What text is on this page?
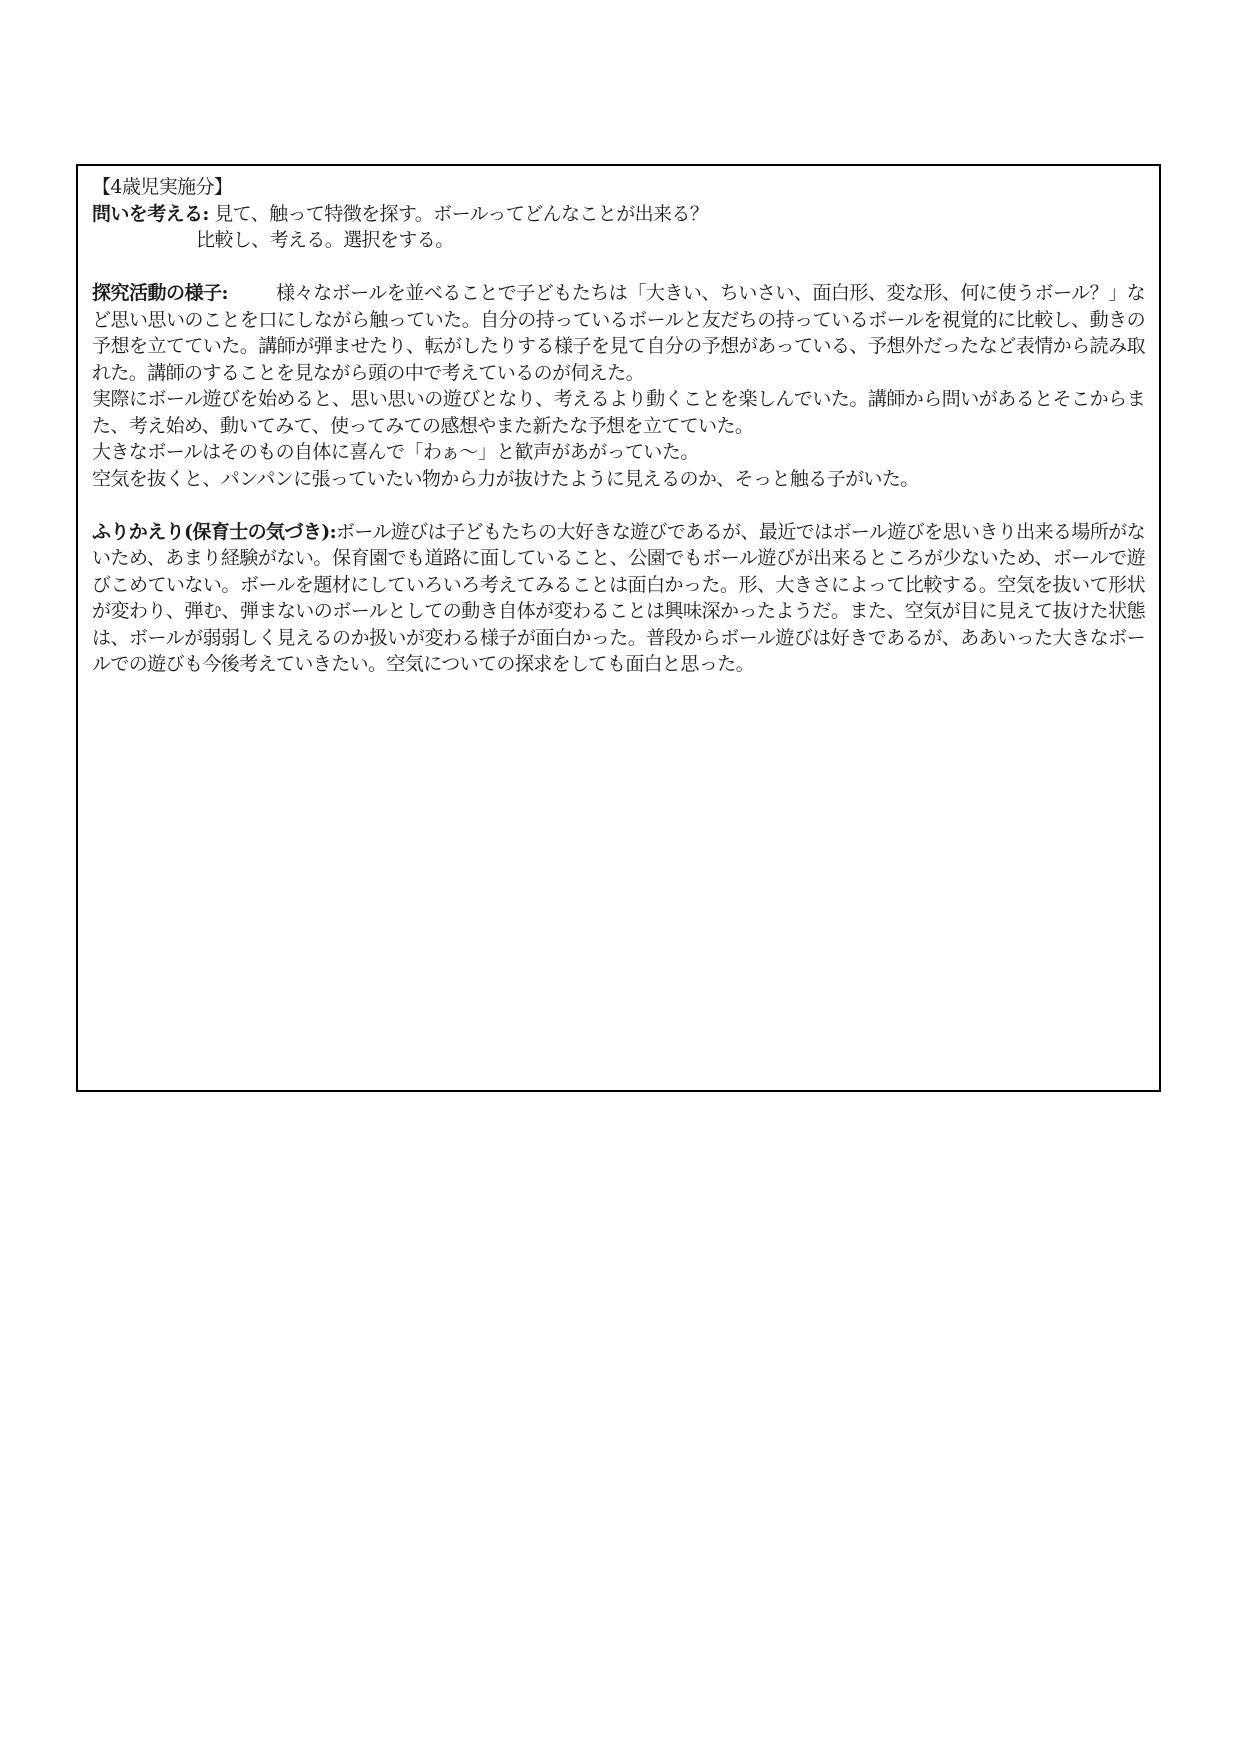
【4歳児実施分】
問いを考える: 見て、触って特徴を探す。ボールってどんなことが出来る？
比較し、考える。選択をする。
探究活動の様子:	様々なボールを並べることで子どもたちは「大きい、ちいさい、面白形、変な形、何に使うボール？」など思い思いのことを口にしながら触っていた。自分の持っているボールと友だちの持っているボールを視覚的に比較し、動きの予想を立てていた。講師が弾ませたり、転がしたりする様子を見て自分の予想があっている、予想外だったなど表情から読み取れた。講師のすることを見ながら頭の中で考えているのが伺えた。
実際にボール遊びを始めると、思い思いの遊びとなり、考えるより動くことを楽しんでいた。講師から問いがあるとそこからまた、考え始め、動いてみて、使ってみての感想やまた新たな予想を立てていた。
大きなボールはそのもの自体に喜んで「わぁ～」と歓声があがっていた。
空気を抜くと、パンパンに張っていたい物から力が抜けたように見えるのか、そっと触る子がいた。
ふりかえり(保育士の気づき):ボール遊びは子どもたちの大好きな遊びであるが、最近ではボール遊びを思いきり出来る場所がないため、あまり経験がない。保育園でも道路に面していること、公園でもボール遊びが出来るところが少ないため、ボールで遊びこめていない。ボールを題材にしていろいろ考えてみることは面白かった。形、大きさによって比較する。空気を抜いて形状が変わり、弾む、弾まないのボールとしての動き自体が変わることは興味深かったようだ。また、空気が目に見えて抜けた状態は、ボールが弱弱しく見えるのか扱いが変わる様子が面白かった。普段からボール遊びは好きであるが、ああいった大きなボールでの遊びも今後考えていきたい。空気についての探求をしても面白と思った。
